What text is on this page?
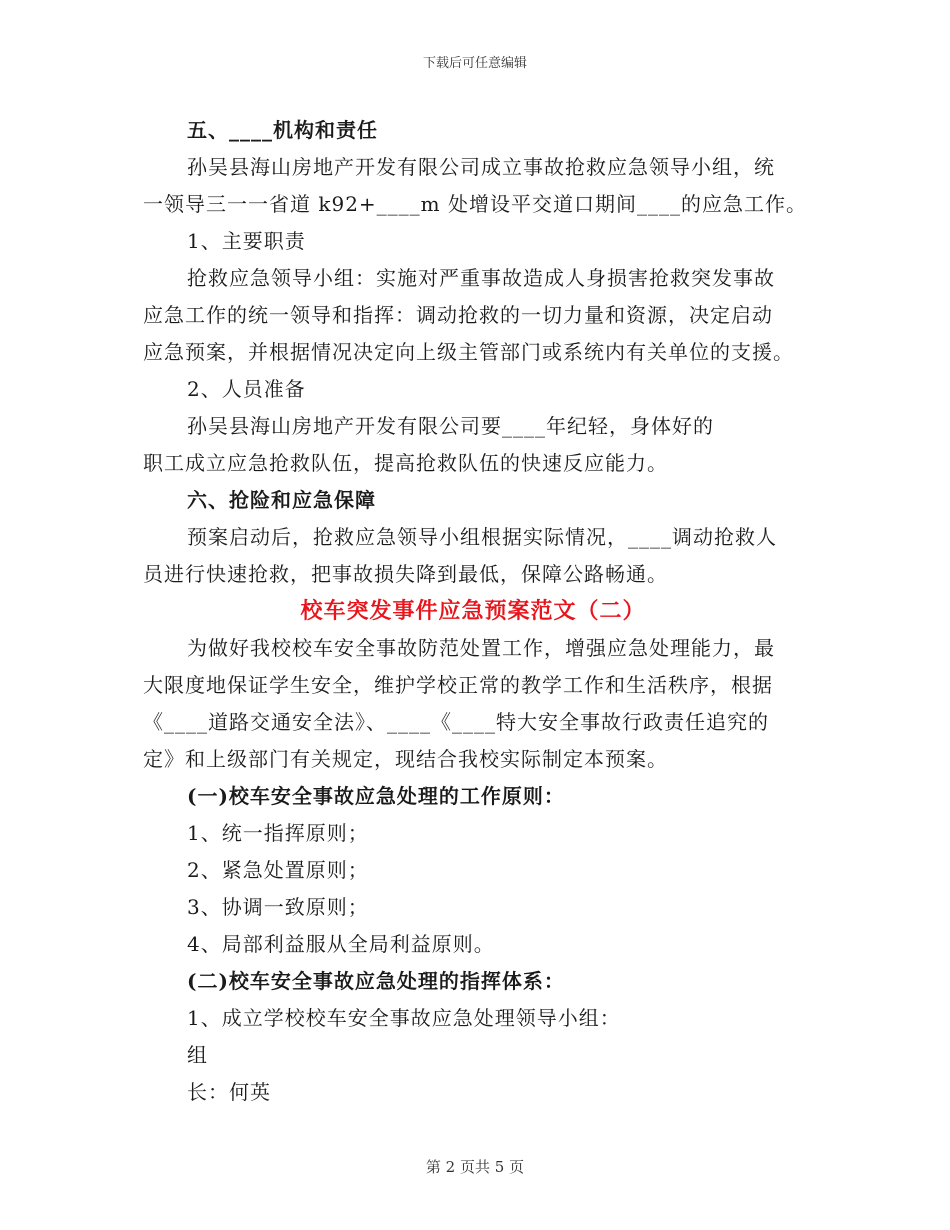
下载后可任意编辑
五、____机构和责任
孙吴县海山房地产开发有限公司成立事故抢救应急领导小组，统
一领导三一一省道 k92+____m 处增设平交道口期间____的应急工作。
1、主要职责
抢救应急领导小组：实施对严重事故造成人身损害抢救突发事故
应急工作的统一领导和指挥：调动抢救的一切力量和资源，决定启动
应急预案，并根据情况决定向上级主管部门或系统内有关单位的支援。
2、人员准备
孙吴县海山房地产开发有限公司要____年纪轻，身体好的
职工成立应急抢救队伍，提高抢救队伍的快速反应能力。
六、抢险和应急保障
预案启动后，抢救应急领导小组根据实际情况，____调动抢救人
员进行快速抢救，把事故损失降到最低，保障公路畅通。
校车突发事件应急预案范文（二）
为做好我校校车安全事故防范处置工作，增强应急处理能力，最
大限度地保证学生安全，维护学校正常的教学工作和生活秩序，根据
《____道路交通安全法》、____《____特大安全事故行政责任追究的
定》和上级部门有关规定，现结合我校实际制定本预案。
(一)校车安全事故应急处理的工作原则：
1、统一指挥原则；
2、紧急处置原则；
3、协调一致原则；
4、局部利益服从全局利益原则。
(二)校车安全事故应急处理的指挥体系：
1、成立学校校车安全事故应急处理领导小组：
组
长：何英
第 2 页共 5 页
